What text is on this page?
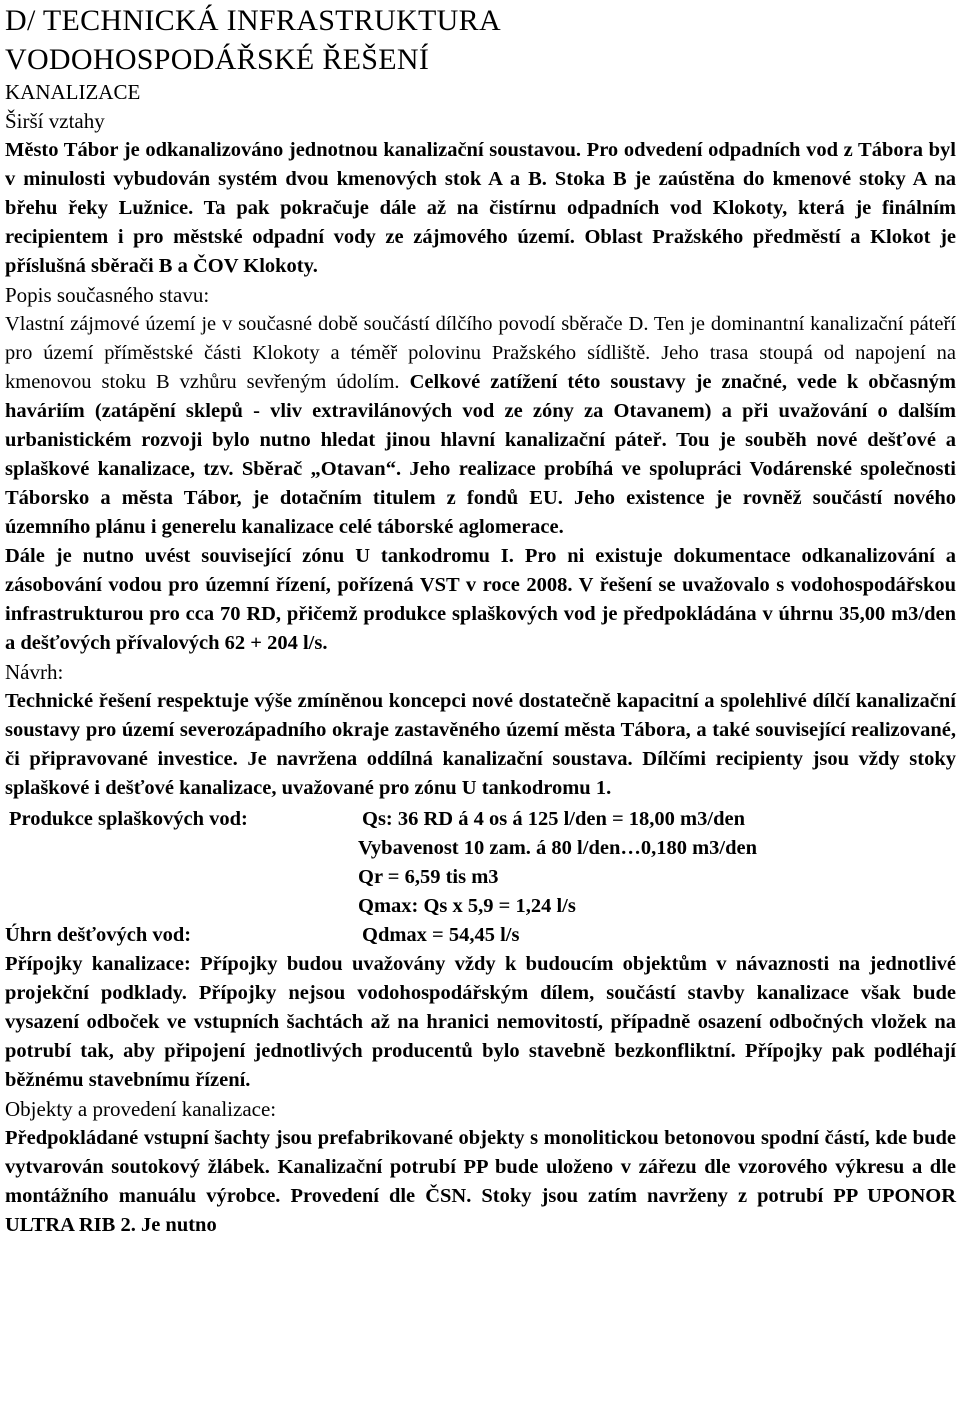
D/ TECHNICKÁ INFRASTRUKTURA
VODOHOSPODÁŘSKÉ ŘEŠENÍ
KANALIZACE
Širší vztahy

Město Tábor je odkanalizováno jednotnou kanalizační soustavou. Pro odvedení odpadních vod z Tábora byl v minulosti vybudován systém dvou kmenových stok A a B. Stoka B je zaústěna do kmenové stoky A na břehu řeky Lužnice. Ta pak pokračuje dále až na čistírnu odpadních vod Klokoty, která je finálním recipientem i pro městské odpadní vody ze zájmového území. Oblast Pražského předměstí a Klokot je příslušná sběrači B a ČOV Klokoty.

Popis současného stavu:

Vlastní zájmové území je v současné době součástí dílčího povodí sběrače D. Ten je dominantní kanalizační páteří pro území příměstské části Klokoty a téměř polovinu Pražského sídliště. Jeho trasa stoupá od napojení na kmenovou stoku B vzhůru sevřeným údolím. Celkové zatížení této soustavy je značné, vede k občasným haváriím (zatápění sklepů - vliv extravilánových vod ze zóny za Otavanem) a při uvažování o dalším urbanistickém rozvoji bylo nutno hledat jinou hlavní kanalizační páteř. Tou je souběh nové dešťové a splaškové kanalizace, tzv. Sběrač „Otavan“. Jeho realizace probíhá ve spolupráci Vodárenské společnosti Táborsko a města Tábor, je dotačním titulem z fondů EU. Jeho existence je rovněž součástí nového územního plánu i generelu kanalizace celé táborské aglomerace.

Dále je nutno uvést související zónu U tankodromu I. Pro ni existuje dokumentace odkanalizování a zásobování vodou pro územní řízení, pořízená VST v roce 2008. V řešení se uvažovalo s vodohospodářskou infrastrukturou pro cca 70 RD, přičemž produkce splaškových vod je předpokládána v úhrnu 35,00 m3/den a dešťových přívalových 62 + 204 l/s.

Návrh:

Technické řešení respektuje výše zmíněnou koncepci nové dostatečně kapacitní a spolehlivé dílčí kanalizační soustavy pro území severozápadního okraje zastavěného území města Tábora, a také související realizované, či připravované investice. Je navržena oddílná kanalizační soustava. Dílčími recipienty jsou vždy stoky splaškové i dešťové kanalizace, uvažované pro zónu U tankodromu 1.

Produkce splaškových vod:	Qs: 36 RD á 4 os á 125 l/den = 18,00 m3/den
Vybavenost 10 zam. á 80 l/den…0,180 m3/den
Qr = 6,59 tis m3
Qmax: Qs x 5,9 = 1,24 l/s
Úhrn dešťových vod:	Qdmax = 54,45 l/s

Přípojky kanalizace: Přípojky budou uvažovány vždy k budoucím objektům v návaznosti na jednotlivé projekční podklady. Přípojky nejsou vodohospodářským dílem, součástí stavby kanalizace však bude vysazení odboček ve vstupních šachtách až na hranici nemovitostí, případně osazení odbočných vložek na potrubí tak, aby připojení jednotlivých producentů bylo stavebně bezkonfliktní. Přípojky pak podléhají běžnému stavebnímu řízení.

Objekty a provedení kanalizace:

Předpokládané vstupní šachty jsou prefabrikované objekty s monolitickou betonovou spodní částí, kde bude vytvarován soutokový žlábek. Kanalizační potrubí PP bude uloženo v zářezu dle vzorového výkresu a dle montážního manuálu výrobce. Provedení dle ČSN. Stoky jsou zatím navrženy z potrubí PP UPONOR ULTRA RIB 2. Je nutno
